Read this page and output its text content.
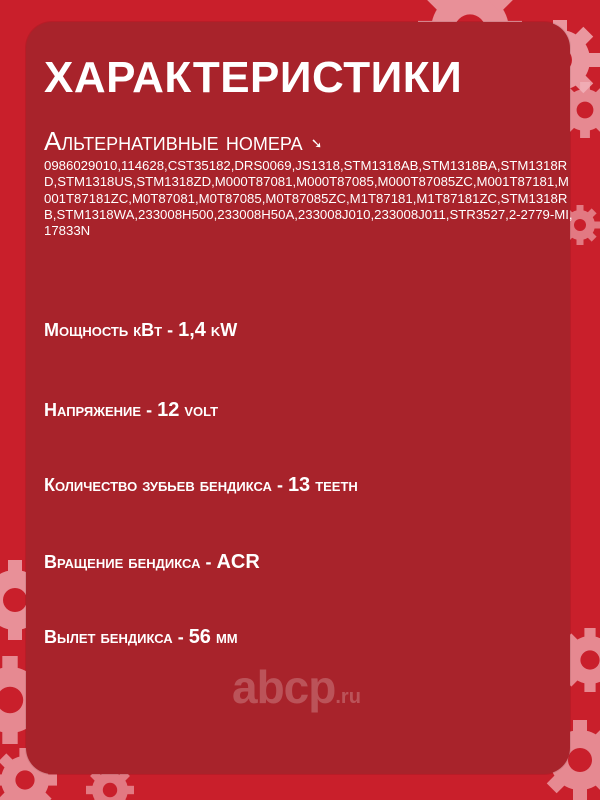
ХАРАКТЕРИСТИКИ
Альтернативные номера ➘
0986029010,114628,CST35182,DRS0069,JS1318,STM1318AB,STM1318BA,STM1318RD,STM1318US,STM1318ZD,M000T87081,M000T87085,M000T87085ZC,M001T87181,M001T87181ZC,M0T87081,M0T87085,M0T87085ZC,M1T87181,M1T87181ZC,STM1318RB,STM1318WA,233008H500,233008H50A,233008J010,233008J011,STR3527,2-2779-MI,17833N
Мощность кВт - 1,4 kW
Напряжение - 12 volt
Количество зубьев бендикса - 13 teeth
Вращение бендикса - ACR
Вылет бендикса - 56 мм
abcp.ru
